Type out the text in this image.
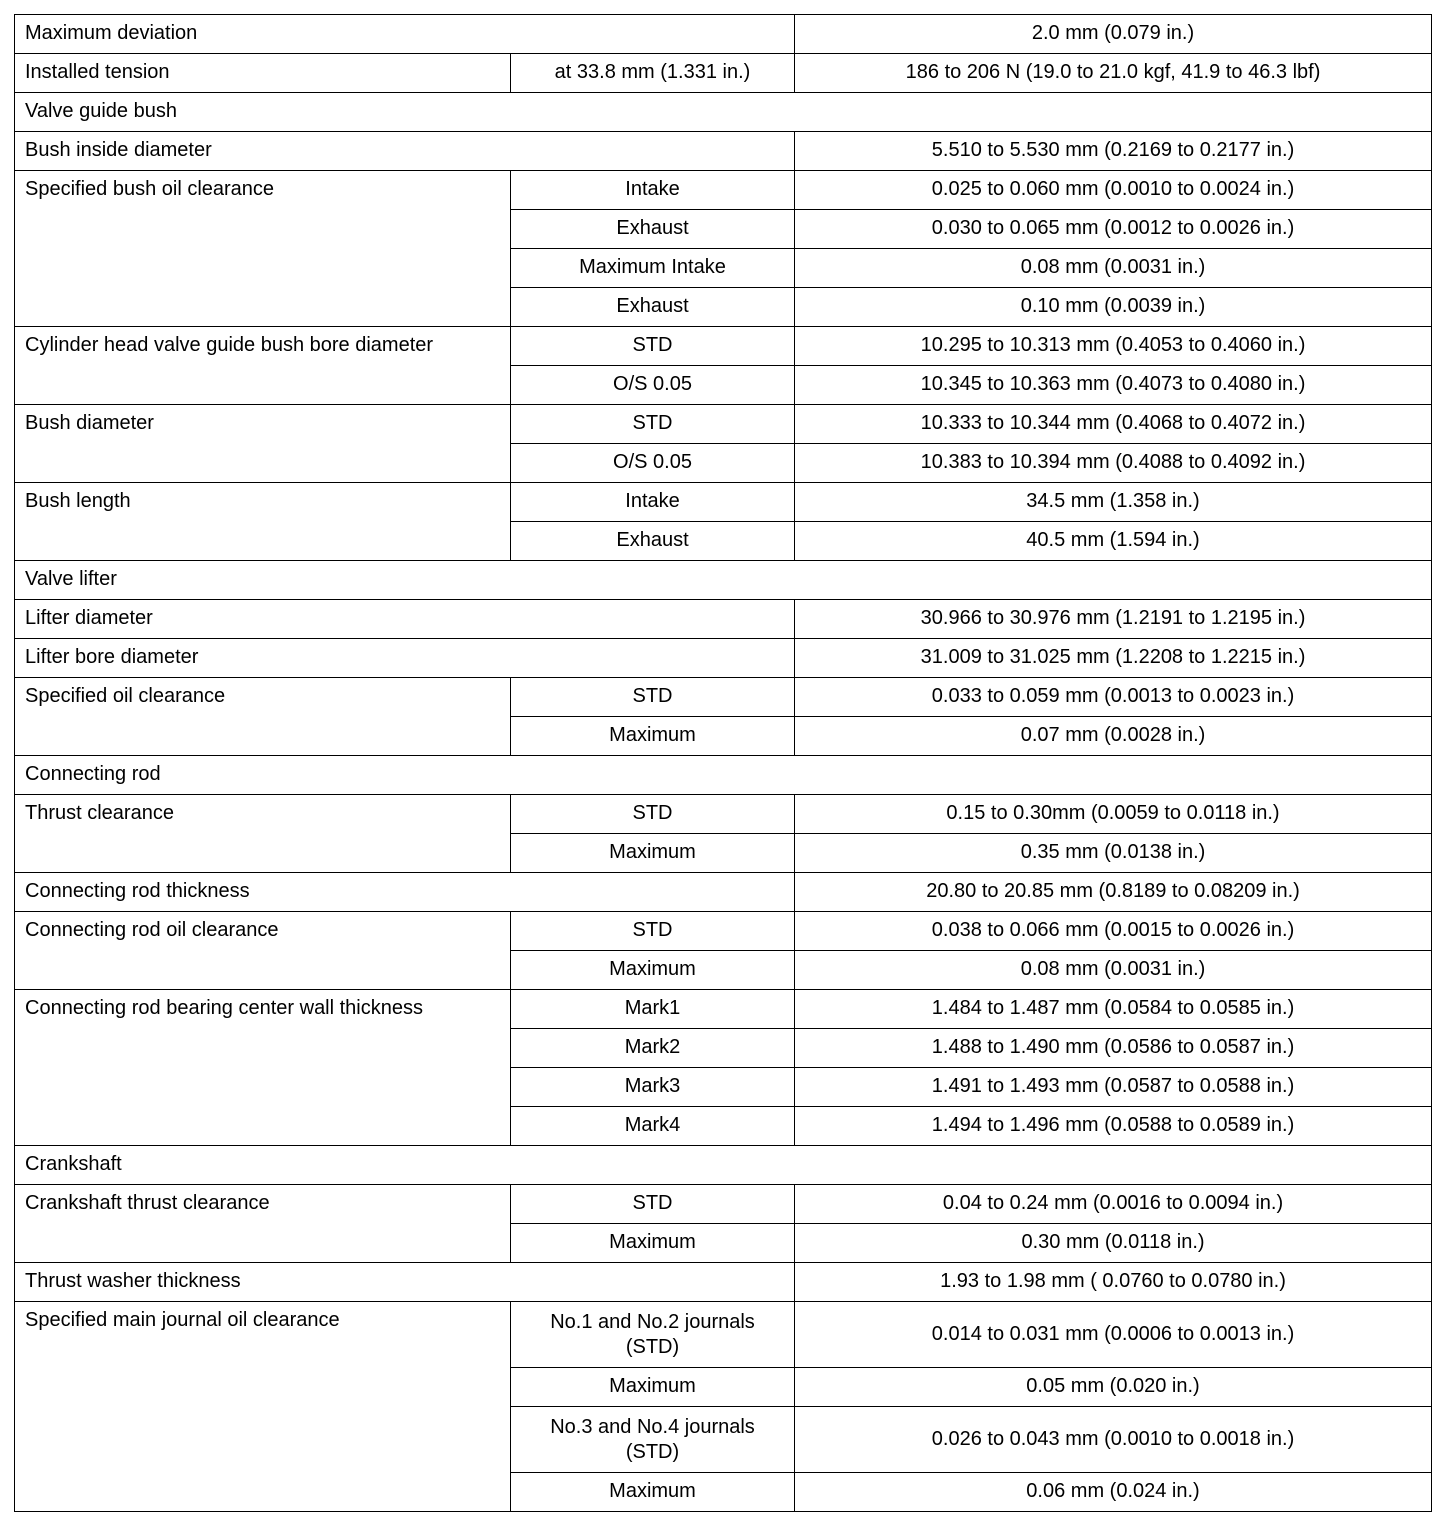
Maximum deviation		2.0 mm (0.079 in.)
Installed tension	at 33.8 mm (1.331 in.)	186 to 206 N (19.0 to 21.0 kgf, 41.9 to 46.3 lbf)
Valve guide bush		
Bush inside diameter		5.510 to 5.530 mm (0.2169 to 0.2177 in.)
Specified bush oil clearance	Intake	0.025 to 0.060 mm (0.0010 to 0.0024 in.)
	Exhaust	0.030 to 0.065 mm (0.0012 to 0.0026 in.)
	Maximum Intake	0.08 mm (0.0031 in.)
	Exhaust	0.10 mm (0.0039 in.)
Cylinder head valve guide bush bore diameter	STD	10.295 to 10.313 mm (0.4053 to 0.4060 in.)
	O/S 0.05	10.345 to 10.363 mm (0.4073 to 0.4080 in.)
Bush diameter	STD	10.333 to 10.344 mm (0.4068 to 0.4072 in.)
	O/S 0.05	10.383 to 10.394 mm (0.4088 to 0.4092 in.)
Bush length	Intake	34.5 mm (1.358 in.)
	Exhaust	40.5 mm (1.594 in.)
Valve lifter		
Lifter diameter		30.966 to 30.976 mm (1.2191 to 1.2195 in.)
Lifter bore diameter		31.009 to 31.025 mm (1.2208 to 1.2215 in.)
Specified oil clearance	STD	0.033 to 0.059 mm (0.0013 to 0.0023 in.)
	Maximum	0.07 mm (0.0028 in.)
Connecting rod		
Thrust clearance	STD	0.15 to 0.30mm (0.0059 to 0.0118 in.)
	Maximum	0.35 mm (0.0138 in.)
Connecting rod thickness		20.80 to 20.85 mm (0.8189 to 0.08209 in.)
Connecting rod oil clearance	STD	0.038 to 0.066 mm (0.0015 to 0.0026 in.)
	Maximum	0.08 mm (0.0031 in.)
Connecting rod bearing center wall thickness	Mark1	1.484 to 1.487 mm (0.0584 to 0.0585 in.)
	Mark2	1.488 to 1.490 mm (0.0586 to 0.0587 in.)
	Mark3	1.491 to 1.493 mm (0.0587 to 0.0588 in.)
	Mark4	1.494 to 1.496 mm (0.0588 to 0.0589 in.)
Crankshaft		
Crankshaft thrust clearance	STD	0.04 to 0.24 mm (0.0016 to 0.0094 in.)
	Maximum	0.30 mm (0.0118 in.)
Thrust washer thickness		1.93 to 1.98 mm ( 0.0760 to 0.0780 in.)
Specified main journal oil clearance	No.1 and No.2 journals (STD)	0.014 to 0.031 mm (0.0006 to 0.0013 in.)
	Maximum	0.05 mm (0.020 in.)
	No.3 and No.4 journals (STD)	0.026 to 0.043 mm (0.0010 to 0.0018 in.)
	Maximum	0.06 mm (0.024 in.)
